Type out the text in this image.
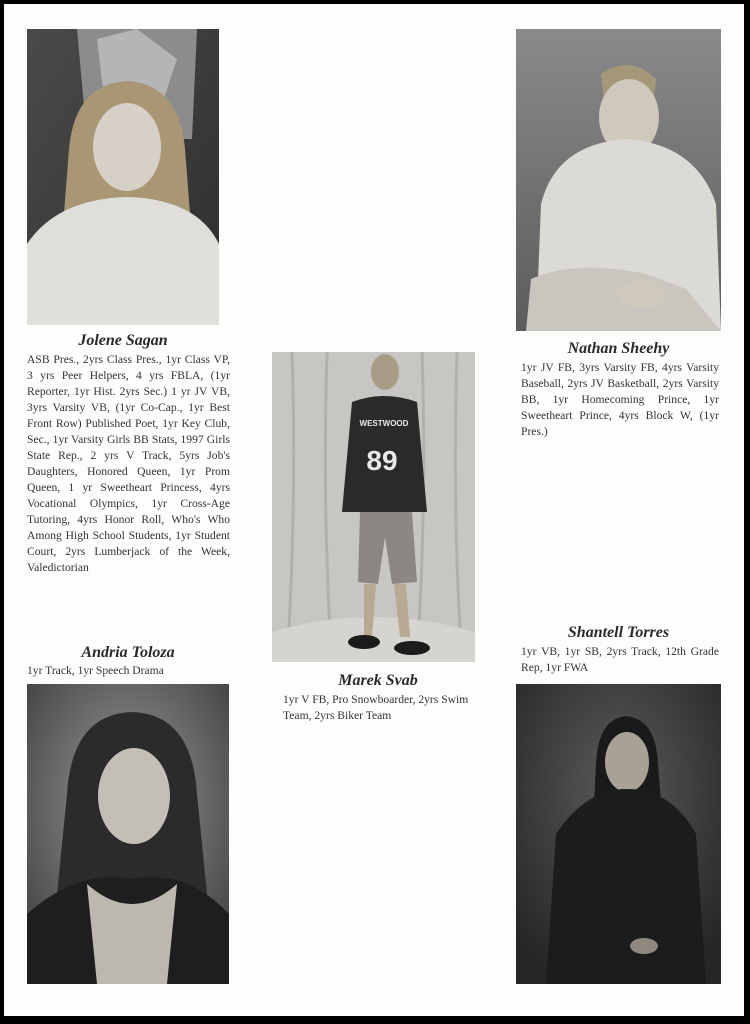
Jolene Sagan
ASB Pres., 2yrs Class Pres., 1yr Class VP, 3 yrs Peer Helpers, 4 yrs FBLA, (1yr Reporter, 1yr Hist. 2yrs Sec.) 1 yr JV VB, 3yrs Varsity VB, (1yr Co-Cap., 1yr Best Front Row) Published Poet, 1yr Key Club, Sec., 1yr Varsity Girls BB Stats, 1997 Girls State Rep., 2 yrs V Track, 5yrs Job's Daughters, Honored Queen, 1yr Prom Queen, 1 yr Sweetheart Princess, 4yrs Vocational Olympics, 1yr Cross-Age Tutoring, 4yrs Honor Roll, Who's Who Among High School Students, 1yr Student Court, 2yrs Lumberjack of the Week, Valedictorian
Nathan Sheehy
1yr JV FB, 3yrs Varsity FB, 4yrs Varsity Baseball, 2yrs JV Basketball, 2yrs Varsity BB, 1yr Homecoming Prince, 1yr Sweetheart Prince, 4yrs Block W, (1yr Pres.)
89
WESTWOOD
Marek Svab
1yr V FB, Pro Snowboarder, 2yrs Swim Team, 2yrs Biker Team
Andria Toloza
1yr Track, 1yr Speech Drama
Shantell Torres
1yr VB, 1yr SB, 2yrs Track, 12th Grade Rep, 1yr FWA
